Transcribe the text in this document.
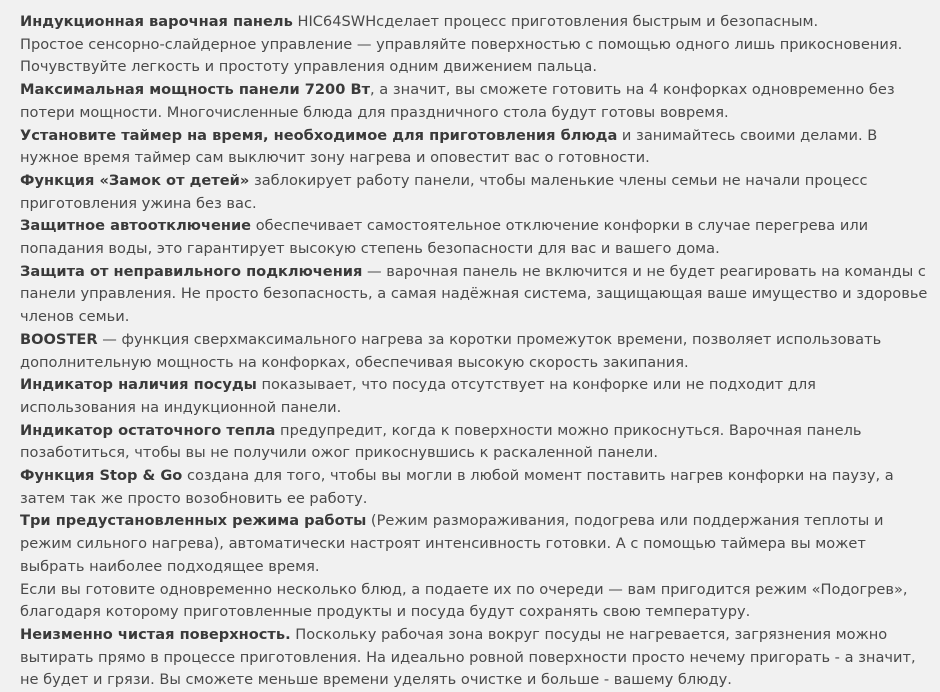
Индукционная варочная панель HIC64SWHсделает процесс приготовления быстрым и безопасным.

Простое сенсорно-слайдерное управление — управляйте поверхностью с помощью одного лишь прикосновения.

Почувствуйте легкость и простоту управления одним движением пальца.

Максимальная мощность панели 7200 Вт, а значит, вы сможете готовить на 4 конфорках одновременно без потери мощности. Многочисленные блюда для праздничного стола будут готовы вовремя.

Установите таймер на время, необходимое для приготовления блюда и занимайтесь своими делами. В нужное время таймер сам выключит зону нагрева и оповестит вас о готовности.

Функция «Замок от детей» заблокирует работу панели, чтобы маленькие члены семьи не начали процесс приготовления ужина без вас.

Защитное автоотключение обеспечивает самостоятельное отключение конфорки в случае перегрева или попадания воды, это гарантирует высокую степень безопасности для вас и вашего дома.

Защита от неправильного подключения — варочная панель не включится и не будет реагировать на команды с панели управления. Не просто безопасность, а самая надёжная система, защищающая ваше имущество и здоровье членов семьи.

BOOSTER — функция сверхмаксимального нагрева за коротки промежуток времени, позволяет использовать дополнительную мощность на конфорках, обеспечивая высокую скорость закипания.

Индикатор наличия посуды показывает, что посуда отсутствует на конфорке или не подходит для использования на индукционной панели.

Индикатор остаточного тепла предупредит, когда к поверхности можно прикоснуться. Варочная панель позаботиться, чтобы вы не получили ожог прикоснувшись к раскаленной панели.

Функция Stop & Go создана для того, чтобы вы могли в любой момент поставить нагрев конфорки на паузу, а затем так же просто возобновить ее работу.

Три предустановленных режима работы (Режим размораживания, подогрева или поддержания теплоты и режим сильного нагрева), автоматически настроят интенсивность готовки. А с помощью таймера вы может выбрать наиболее подходящее время.

Если вы готовите одновременно несколько блюд, а подаете их по очереди — вам пригодится режим «Подогрев», благодаря которому приготовленные продукты и посуда будут сохранять свою температуру.

Неизменно чистая поверхность. Поскольку рабочая зона вокруг посуды не нагревается, загрязнения можно вытирать прямо в процессе приготовления. На идеально ровной поверхности просто нечему пригорать - а значит, не будет и грязи. Вы сможете меньше времени уделять очистке и больше - вашему блюду.
